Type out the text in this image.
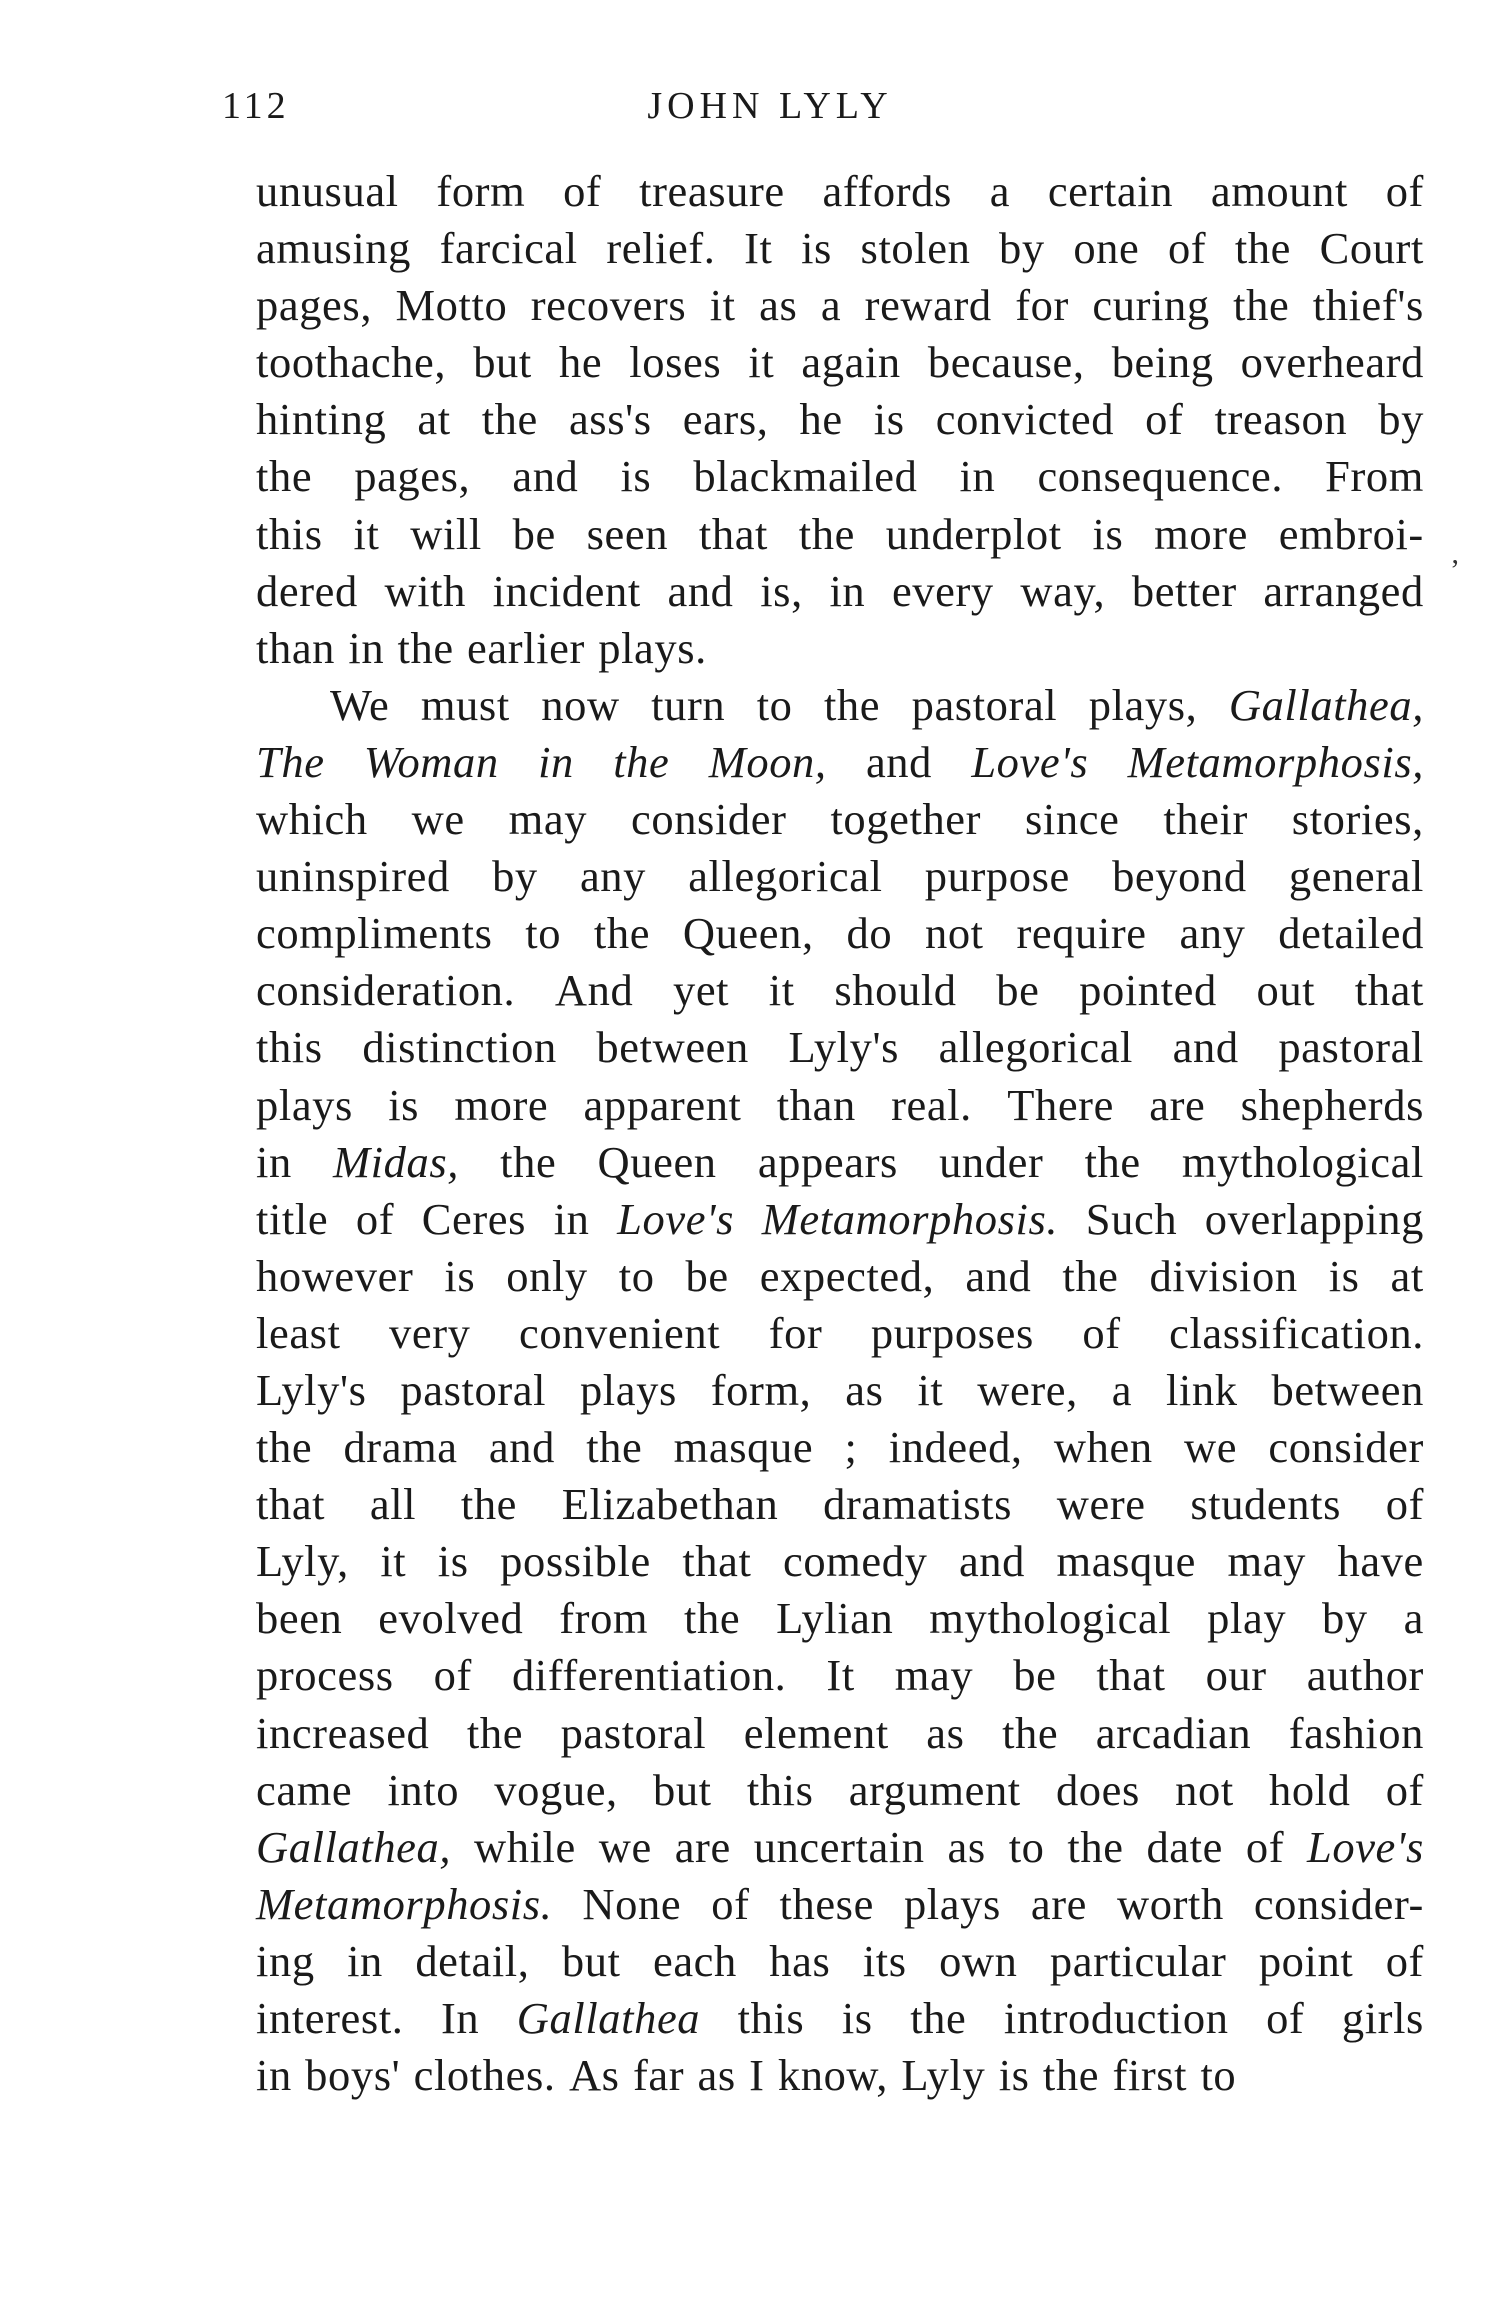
112	JOHN LYLY
ʼ
unusual form of treasure affords a certain amount of
amusing farcical relief. It is stolen by one of the Court
pages, Motto recovers it as a reward for curing the thief's
toothache, but he loses it again because, being overheard
hinting at the ass's ears, he is convicted of treason by
the pages, and is blackmailed in consequence. From
this it will be seen that the underplot is more embroi-
dered with incident and is, in every way, better arranged
than in the earlier plays.
We must now turn to the pastoral plays, Gallathea,
The Woman in the Moon, and Love's Metamorphosis,
which we may consider together since their stories,
uninspired by any allegorical purpose beyond general
compliments to the Queen, do not require any detailed
consideration. And yet it should be pointed out that
this distinction between Lyly's allegorical and pastoral
plays is more apparent than real. There are shepherds
in Midas, the Queen appears under the mythological
title of Ceres in Love's Metamorphosis. Such overlapping
however is only to be expected, and the division is at
least very convenient for purposes of classification.
Lyly's pastoral plays form, as it were, a link between
the drama and the masque ; indeed, when we consider
that all the Elizabethan dramatists were students of
Lyly, it is possible that comedy and masque may have
been evolved from the Lylian mythological play by a
process of differentiation. It may be that our author
increased the pastoral element as the arcadian fashion
came into vogue, but this argument does not hold of
Gallathea, while we are uncertain as to the date of Love's
Metamorphosis. None of these plays are worth consider-
ing in detail, but each has its own particular point of
interest. In Gallathea this is the introduction of girls
in boys' clothes. As far as I know, Lyly is the first to
